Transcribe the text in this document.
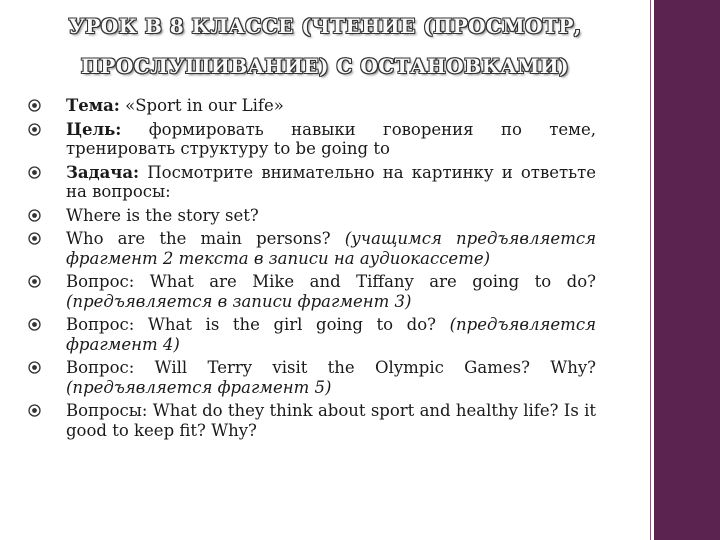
УРОК В 8 КЛАССЕ (ЧТЕНИЕ (ПРОСМОТР,
ПРОСЛУШИВАНИЕ) С ОСТАНОВКАМИ)
Тема: «Sport in our Life»
Цель: формировать навыки говорения по теме, тренировать структуру to be going to
Задача: Посмотрите внимательно на картинку и ответьте на вопросы:
Where is the story set?
Who are the main persons? (учащимся предъявляется фрагмент 2 текста в записи на аудиокассете)
Вопрос: What are Mike and Tiffany are going to do? (предъявляется в записи фрагмент 3)
Вопрос: What is the girl going to do? (предъявляется фрагмент 4)
Вопрос: Will Terry visit the Olympic Games? Why? (предъявляется фрагмент 5)
Вопросы: What do they think about sport and healthy life? Is it good to keep fit? Why?
